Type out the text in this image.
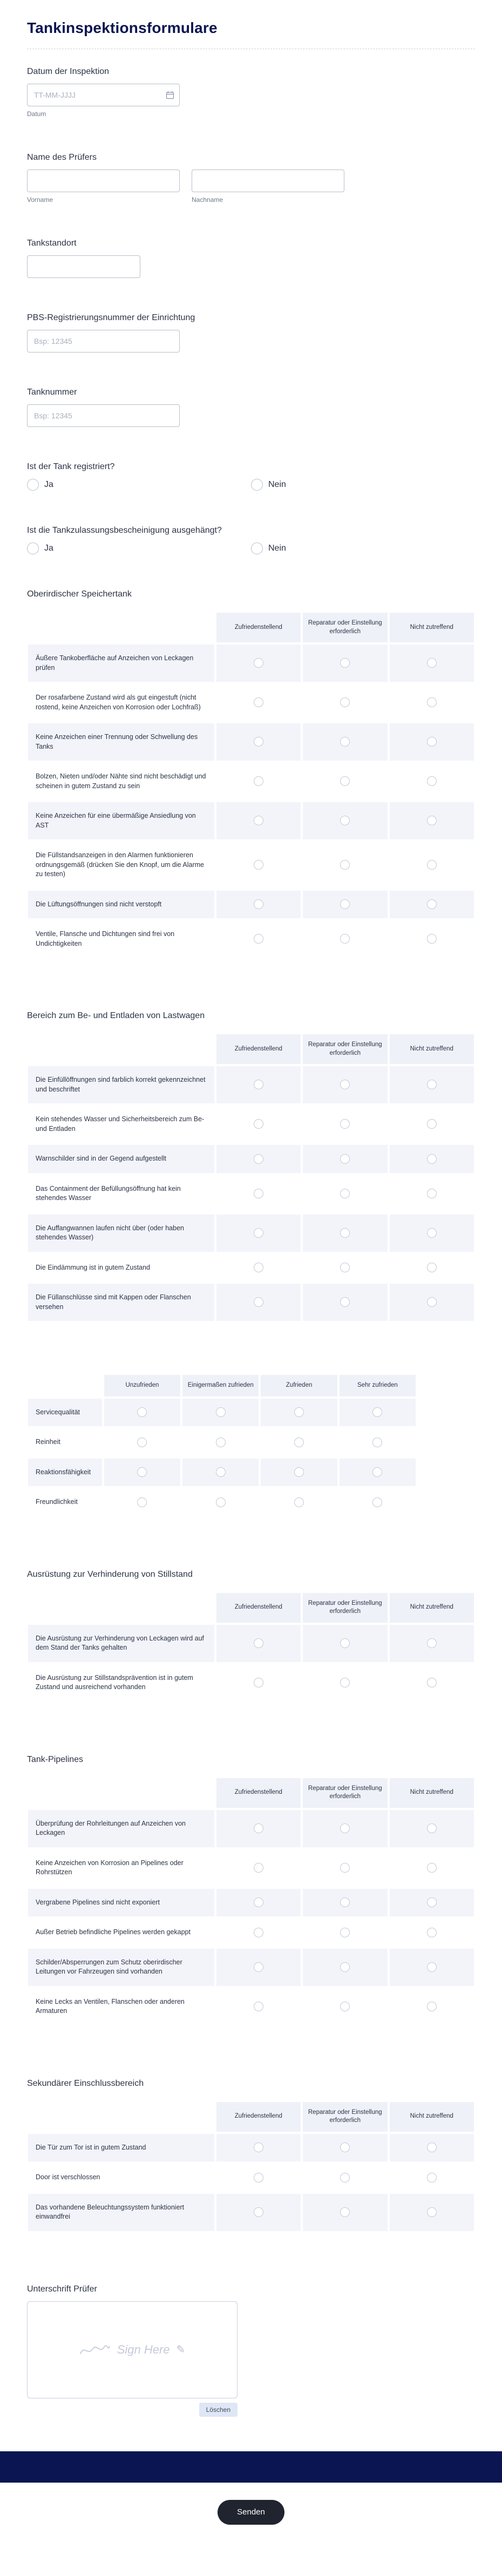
Tankinspektionsformulare
Datum der Inspektion
TT-MM-JJJJ
Datum
Name des Prüfers
Vorname	Nachname
Tankstandort
PBS-Registrierungsnummer der Einrichtung
Bsp: 12345
Tanknummer
Bsp: 12345
Ist der Tank registriert?
Ja	Nein
Ist die Tankzulassungsbescheinigung ausgehängt?
Ja	Nein
Oberirdischer Speichertank
	Zufriedenstellend	Reparatur oder Einstellung erforderlich	Nicht zutreffend
Äußere Tankoberfläche auf Anzeichen von Leckagen prüfen			
Der rosafarbene Zustand wird als gut eingestuft (nicht rostend, keine Anzeichen von Korrosion oder Lochfraß)			
Keine Anzeichen einer Trennung oder Schwellung des Tanks			
Bolzen, Nieten und/oder Nähte sind nicht beschädigt und scheinen in gutem Zustand zu sein			
Keine Anzeichen für eine übermäßige Ansiedlung von AST			
Die Füllstandsanzeigen in den Alarmen funktionieren ordnungsgemäß (drücken Sie den Knopf, um die Alarme zu testen)			
Die Lüftungsöffnungen sind nicht verstopft			
Ventile, Flansche und Dichtungen sind frei von Undichtigkeiten			
Bereich zum Be- und Entladen von Lastwagen
	Zufriedenstellend	Reparatur oder Einstellung erforderlich	Nicht zutreffend
Die Einfüllöffnungen sind farblich korrekt gekennzeichnet und beschriftet			
Kein stehendes Wasser und Sicherheitsbereich zum Be- und Entladen			
Warnschilder sind in der Gegend aufgestellt			
Das Containment der Befüllungsöffnung hat kein stehendes Wasser			
Die Auffangwannen laufen nicht über (oder haben stehendes Wasser)			
Die Eindämmung ist in gutem Zustand			
Die Füllanschlüsse sind mit Kappen oder Flanschen versehen			
	Unzufrieden	Einigermaßen zufrieden	Zufrieden	Sehr zufrieden
Servicequalität				
Reinheit				
Reaktionsfähigkeit				
Freundlichkeit				
Ausrüstung zur Verhinderung von Stillstand
	Zufriedenstellend	Reparatur oder Einstellung erforderlich	Nicht zutreffend
Die Ausrüstung zur Verhinderung von Leckagen wird auf dem Stand der Tanks gehalten			
Die Ausrüstung zur Stillstandsprävention ist in gutem Zustand und ausreichend vorhanden			
Tank-Pipelines
	Zufriedenstellend	Reparatur oder Einstellung erforderlich	Nicht zutreffend
Überprüfung der Rohrleitungen auf Anzeichen von Leckagen			
Keine Anzeichen von Korrosion an Pipelines oder Rohrstützen			
Vergrabene Pipelines sind nicht exponiert			
Außer Betrieb befindliche Pipelines werden gekappt			
Schilder/Absperrungen zum Schutz oberirdischer Leitungen vor Fahrzeugen sind vorhanden			
Keine Lecks an Ventilen, Flanschen oder anderen Armaturen			
Sekundärer Einschlussbereich
	Zufriedenstellend	Reparatur oder Einstellung erforderlich	Nicht zutreffend
Die Tür zum Tor ist in gutem Zustand			
Door ist verschlossen			
Das vorhandene Beleuchtungssystem funktioniert einwandfrei			
Unterschrift Prüfer
Sign Here ✎
Löschen
Senden
